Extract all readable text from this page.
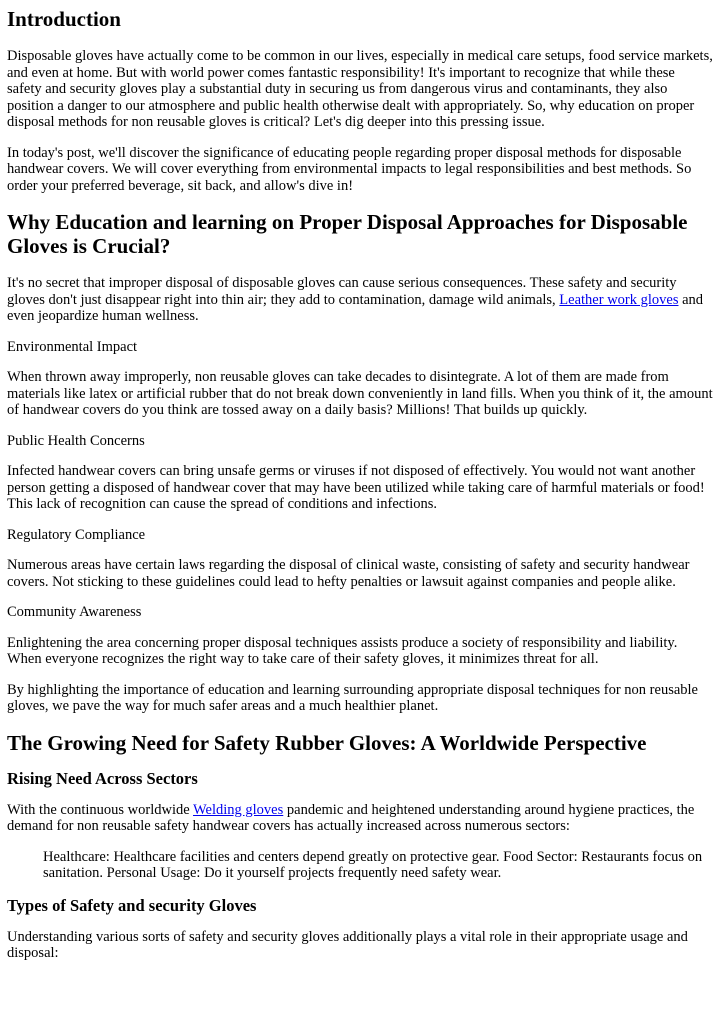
Introduction

Disposable gloves have actually come to be common in our lives, especially in medical care setups, food service markets, and even at home. But with world power comes fantastic responsibility! It's important to recognize that while these safety and security gloves play a substantial duty in securing us from dangerous virus and contaminants, they also position a danger to our atmosphere and public health otherwise dealt with appropriately. So, why education on proper disposal methods for non reusable gloves is critical? Let's dig deeper into this pressing issue.

In today's post, we'll discover the significance of educating people regarding proper disposal methods for disposable handwear covers. We will cover everything from environmental impacts to legal responsibilities and best methods. So order your preferred beverage, sit back, and allow's dive in!

Why Education and learning on Proper Disposal Approaches for Disposable Gloves is Crucial?

It's no secret that improper disposal of disposable gloves can cause serious consequences. These safety and security gloves don't just disappear right into thin air; they add to contamination, damage wild animals, Leather work gloves and even jeopardize human wellness.

Environmental Impact

When thrown away improperly, non reusable gloves can take decades to disintegrate. A lot of them are made from materials like latex or artificial rubber that do not break down conveniently in land fills. When you think of it, the amount of handwear covers do you think are tossed away on a daily basis? Millions! That builds up quickly.

Public Health Concerns

Infected handwear covers can bring unsafe germs or viruses if not disposed of effectively. You would not want another person getting a disposed of handwear cover that may have been utilized while taking care of harmful materials or food! This lack of recognition can cause the spread of conditions and infections.

Regulatory Compliance

Numerous areas have certain laws regarding the disposal of clinical waste, consisting of safety and security handwear covers. Not sticking to these guidelines could lead to hefty penalties or lawsuit against companies and people alike.

Community Awareness

Enlightening the area concerning proper disposal techniques assists produce a society of responsibility and liability. When everyone recognizes the right way to take care of their safety gloves, it minimizes threat for all.

By highlighting the importance of education and learning surrounding appropriate disposal techniques for non reusable gloves, we pave the way for much safer areas and a much healthier planet.

The Growing Need for Safety Rubber Gloves: A Worldwide Perspective
Rising Need Across Sectors

With the continuous worldwide Welding gloves pandemic and heightened understanding around hygiene practices, the demand for non reusable safety handwear covers has actually increased across numerous sectors:

Healthcare: Healthcare facilities and centers depend greatly on protective gear. Food Sector: Restaurants focus on sanitation. Personal Usage: Do it yourself projects frequently need safety wear.
Types of Safety and security Gloves

Understanding various sorts of safety and security gloves additionally plays a vital role in their appropriate usage and disposal:
